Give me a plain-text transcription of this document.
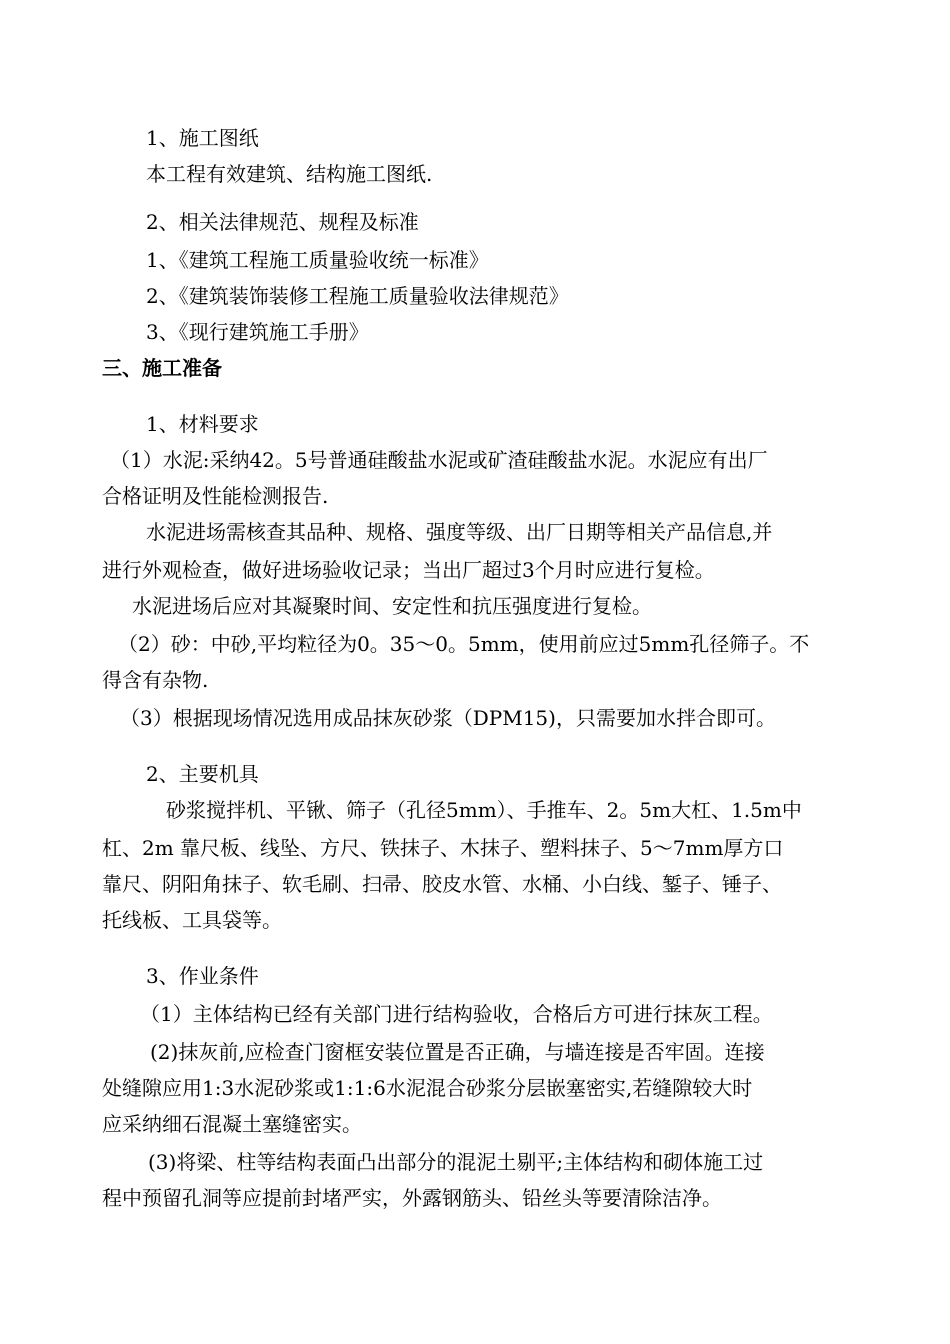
1、施工图纸
本工程有效建筑、结构施工图纸.
2、相关法律规范、规程及标准
1、《建筑工程施工质量验收统一标准》
2、《建筑装饰装修工程施工质量验收法律规范》
3、《现行建筑施工手册》
三、施工准备
1、材料要求
（1）水泥:采纳42。5号普通硅酸盐水泥或矿渣硅酸盐水泥。水泥应有出厂
合格证明及性能检测报告.
水泥进场需核查其品种、规格、强度等级、出厂日期等相关产品信息,并
进行外观检查，做好进场验收记录；当出厂超过3个月时应进行复检。
水泥进场后应对其凝聚时间、安定性和抗压强度进行复检。
（2）砂：中砂,平均粒径为0。35～0。5mm，使用前应过5mm孔径筛子。不
得含有杂物.
（3）根据现场情况选用成品抹灰砂浆（DPM15)，只需要加水拌合即可。
2、主要机具
砂浆搅拌机、平锹、筛子（孔径5mm）、手推车、2。5m大杠、1.5m中
杠、2m 靠尺板、线坠、方尺、铁抹子、木抹子、塑料抹子、5～7mm厚方口
靠尺、阴阳角抹子、软毛刷、扫帚、胶皮水管、水桶、小白线、錾子、锤子、
托线板、工具袋等。
3、作业条件
（1）主体结构已经有关部门进行结构验收，合格后方可进行抹灰工程。
(2)抹灰前,应检查门窗框安装位置是否正确，与墙连接是否牢固。连接
处缝隙应用1:3水泥砂浆或1:1:6水泥混合砂浆分层嵌塞密实,若缝隙较大时
应采纳细石混凝土塞缝密实。
(3)将梁、柱等结构表面凸出部分的混泥土剔平;主体结构和砌体施工过
程中预留孔洞等应提前封堵严实，外露钢筋头、铅丝头等要清除洁净。
